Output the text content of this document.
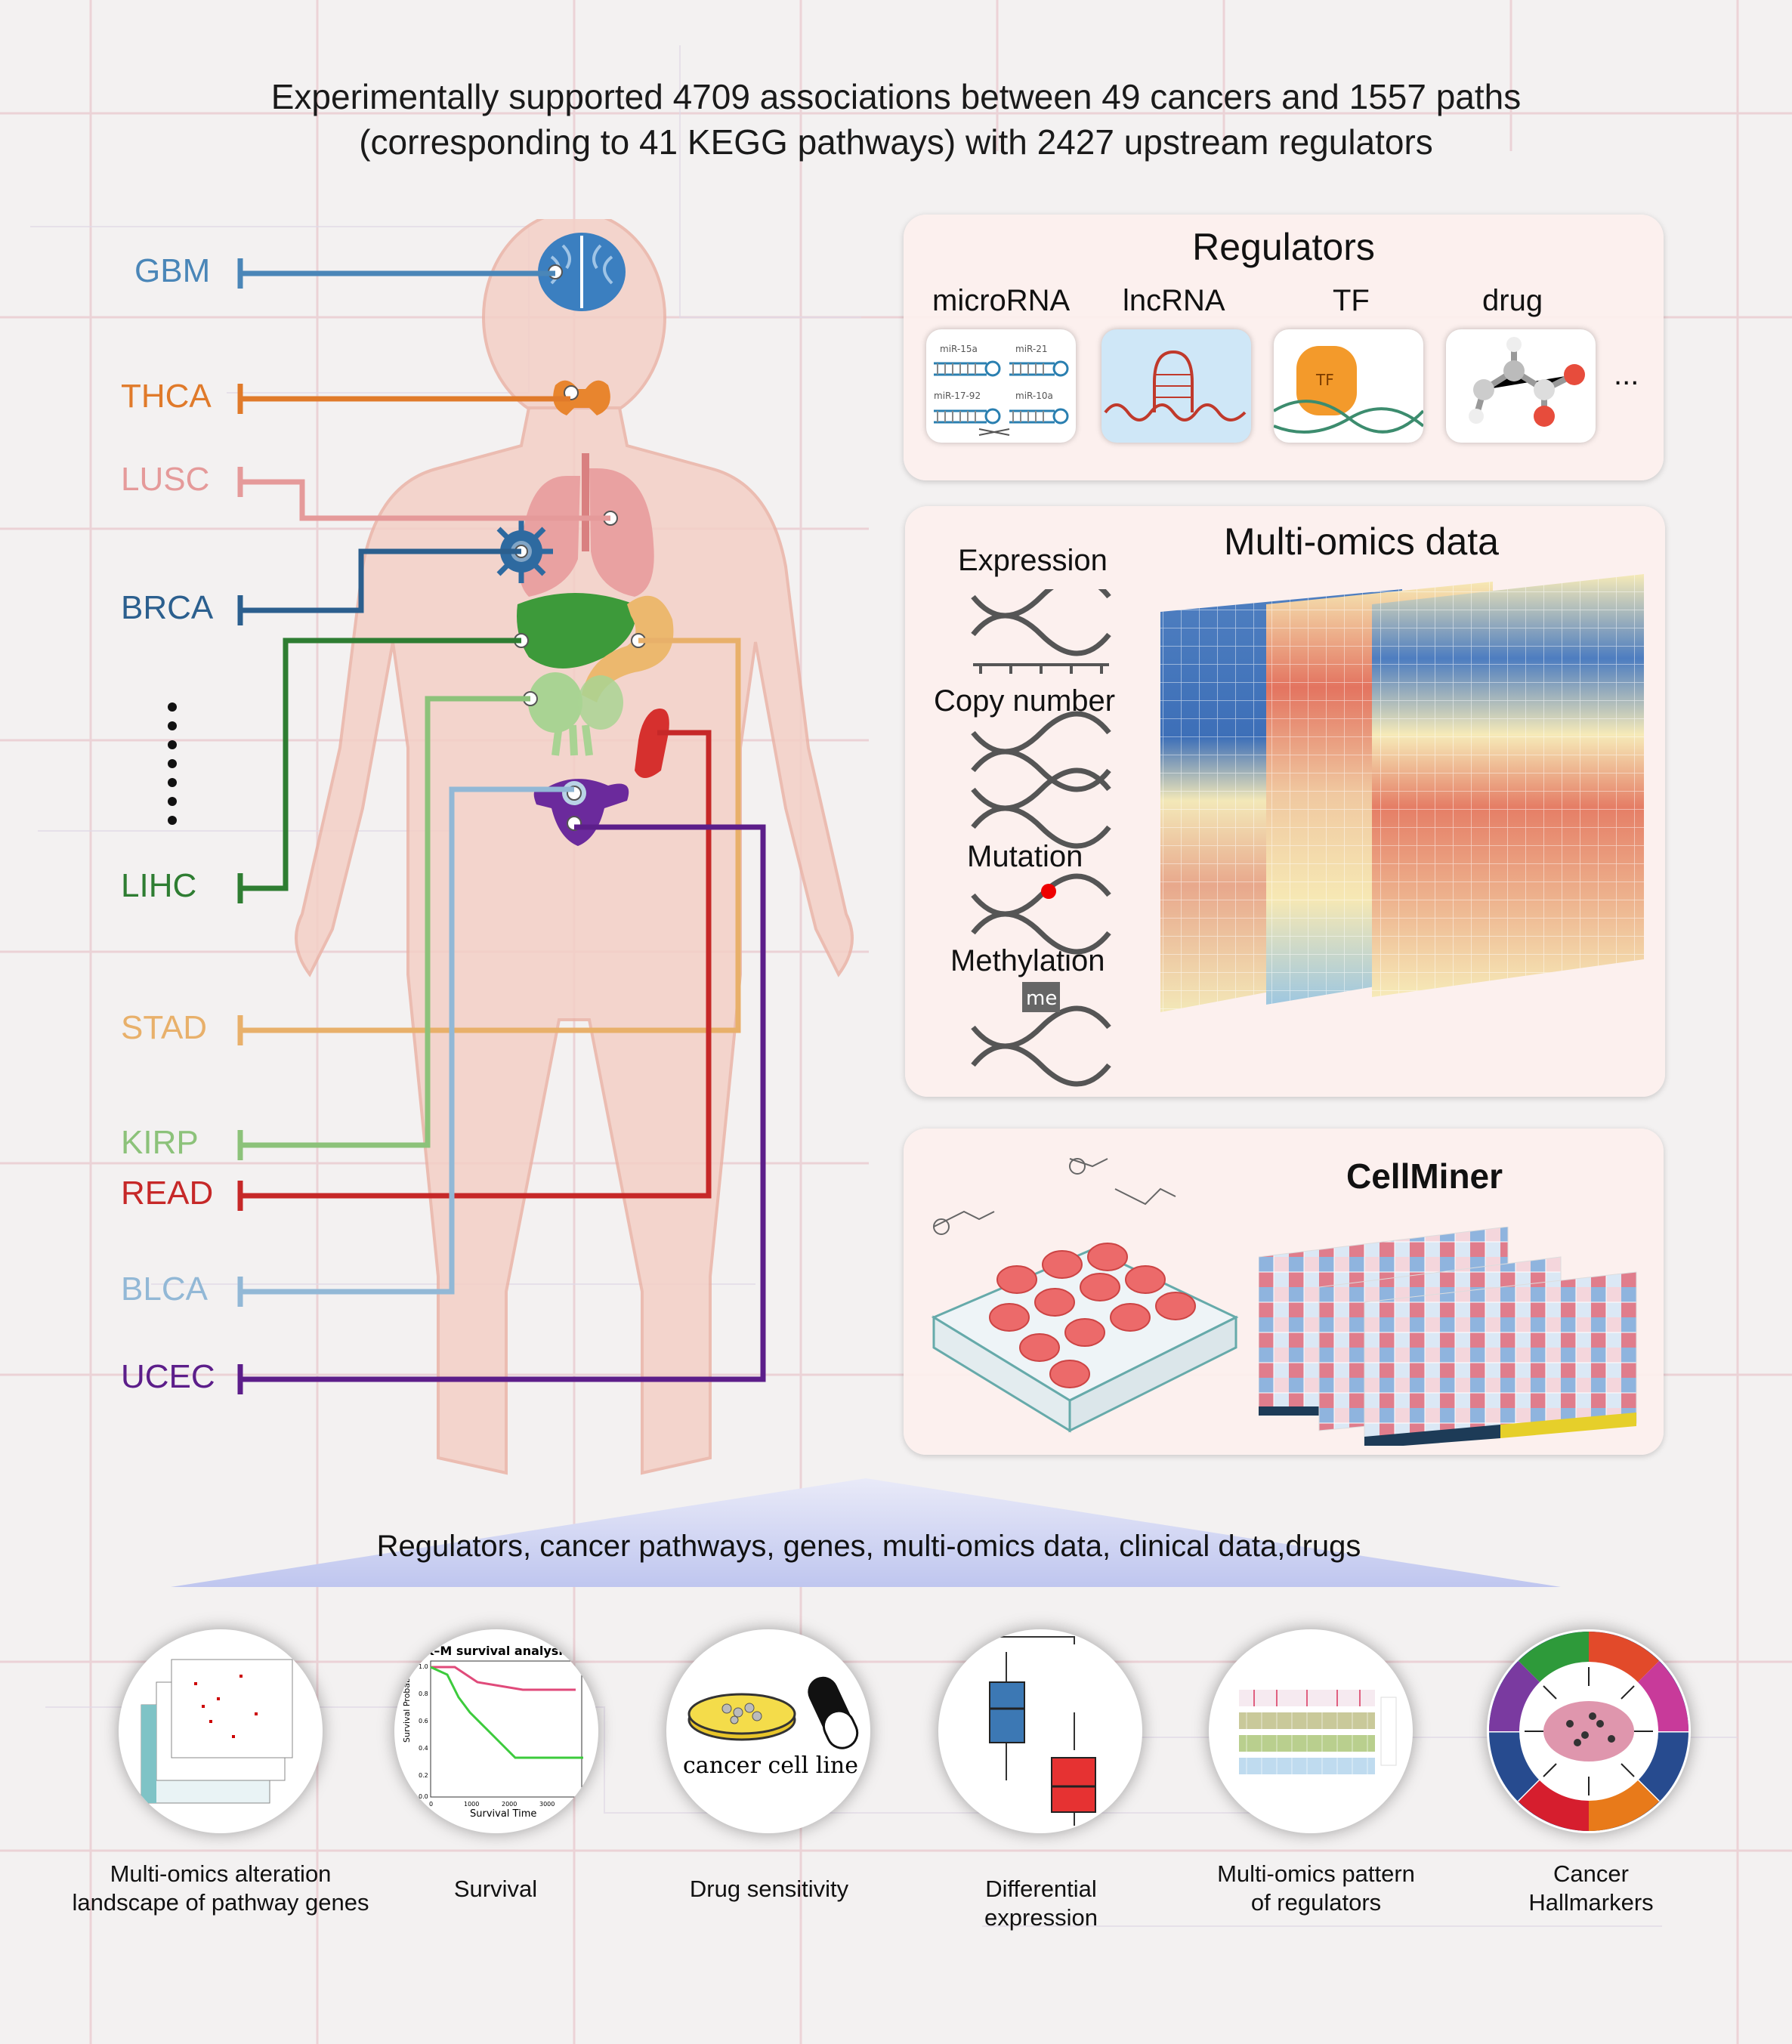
Experimentally supported 4709 associations between 49 cancers and 1557 paths
(corresponding to 41 KEGG pathways) with 2427 upstream regulators
GBM
THCA
LUSC
BRCA
LIHC
STAD
KIRP
READ
BLCA
UCEC
Regulators
microRNA lncRNA	TF	drug
...
miR-15a	miR-21
miR-17-92	miR-10a
TF
Multi-omics data
Expression
Copy number
Mutation
Methylation
me
CellMiner
Regulators, cancer pathways, genes, multi-omics data, clinical data,drugs
K–M survival analysis
Survival Probability
Survival Time
1.0
0.8
0.6
0.4
0.2
0.0
0	1000	2000	3000 4000
cancer cell line
Multi-omics alteration
landscape of pathway genes
Survival	Drug sensitivity	Differential
expression
Multi-omics pattern
of regulators
Cancer
Hallmarkers
